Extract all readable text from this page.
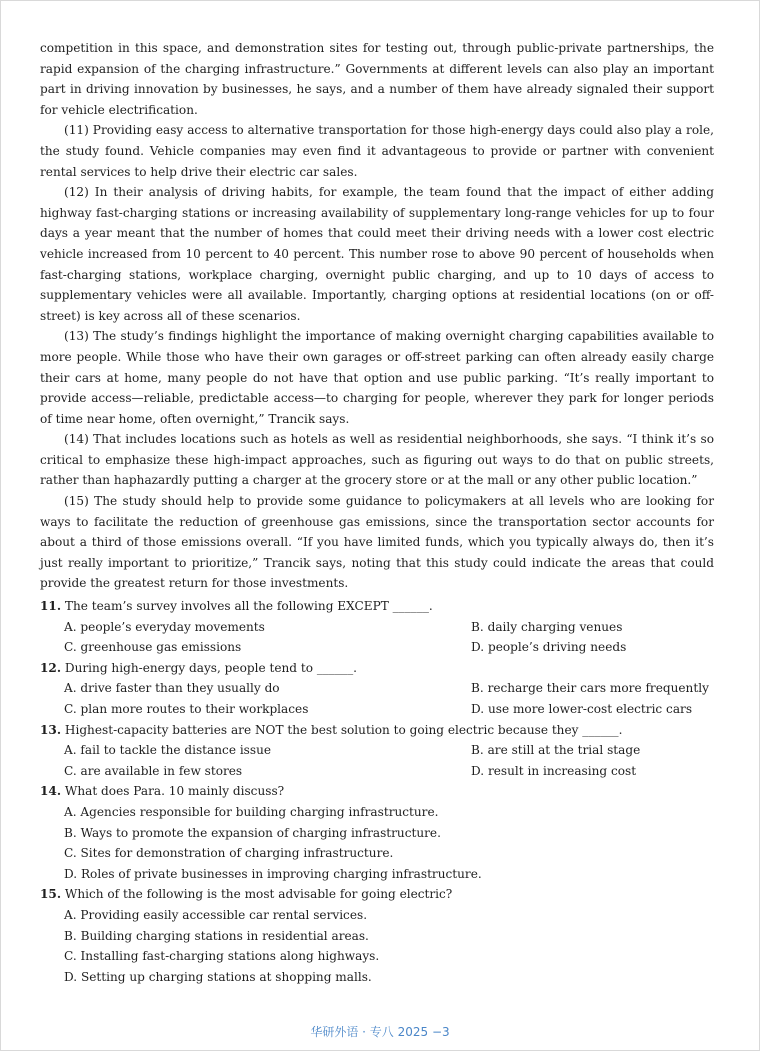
competition in this space, and demonstration sites for testing out, through public-private partnerships, the rapid expansion of the charging infrastructure.” Governments at different levels can also play an important part in driving innovation by businesses, he says, and a number of them have already signaled their support for vehicle electrification.

(11) Providing easy access to alternative transportation for those high-energy days could also play a role, the study found. Vehicle companies may even find it advantageous to provide or partner with convenient rental services to help drive their electric car sales.

(12) In their analysis of driving habits, for example, the team found that the impact of either adding highway fast-charging stations or increasing availability of supplementary long-range vehicles for up to four days a year meant that the number of homes that could meet their driving needs with a lower cost electric vehicle increased from 10 percent to 40 percent. This number rose to above 90 percent of households when fast-charging stations, workplace charging, overnight public charging, and up to 10 days of access to supplementary vehicles were all available. Importantly, charging options at residential locations (on or off-street) is key across all of these scenarios.

(13) The study’s findings highlight the importance of making overnight charging capabilities available to more people. While those who have their own garages or off-street parking can often already easily charge their cars at home, many people do not have that option and use public parking. “It’s really important to provide access—reliable, predictable access—to charging for people, wherever they park for longer periods of time near home, often overnight,” Trancik says.

(14) That includes locations such as hotels as well as residential neighborhoods, she says. “I think it’s so critical to emphasize these high-impact approaches, such as figuring out ways to do that on public streets, rather than haphazardly putting a charger at the grocery store or at the mall or any other public location.”

(15) The study should help to provide some guidance to policymakers at all levels who are looking for ways to facilitate the reduction of greenhouse gas emissions, since the transportation sector accounts for about a third of those emissions overall. “If you have limited funds, which you typically always do, then it’s just really important to prioritize,” Trancik says, noting that this study could indicate the areas that could provide the greatest return for those investments.

11. The team’s survey involves all the following EXCEPT ______.
A. people’s everyday movements	B. daily charging venues
C. greenhouse gas emissions	D. people’s driving needs
12. During high-energy days, people tend to ______.
A. drive faster than they usually do	B. recharge their cars more frequently
C. plan more routes to their workplaces	D. use more lower-cost electric cars
13. Highest-capacity batteries are NOT the best solution to going electric because they ______.
A. fail to tackle the distance issue	B. are still at the trial stage
C. are available in few stores	D. result in increasing cost
14. What does Para. 10 mainly discuss?
A. Agencies responsible for building charging infrastructure.
B. Ways to promote the expansion of charging infrastructure.
C. Sites for demonstration of charging infrastructure.
D. Roles of private businesses in improving charging infrastructure.
15. Which of the following is the most advisable for going electric?
A. Providing easily accessible car rental services.
B. Building charging stations in residential areas.
C. Installing fast-charging stations along highways.
D. Setting up charging stations at shopping malls.
华研外语 · 专八 2025 −3
